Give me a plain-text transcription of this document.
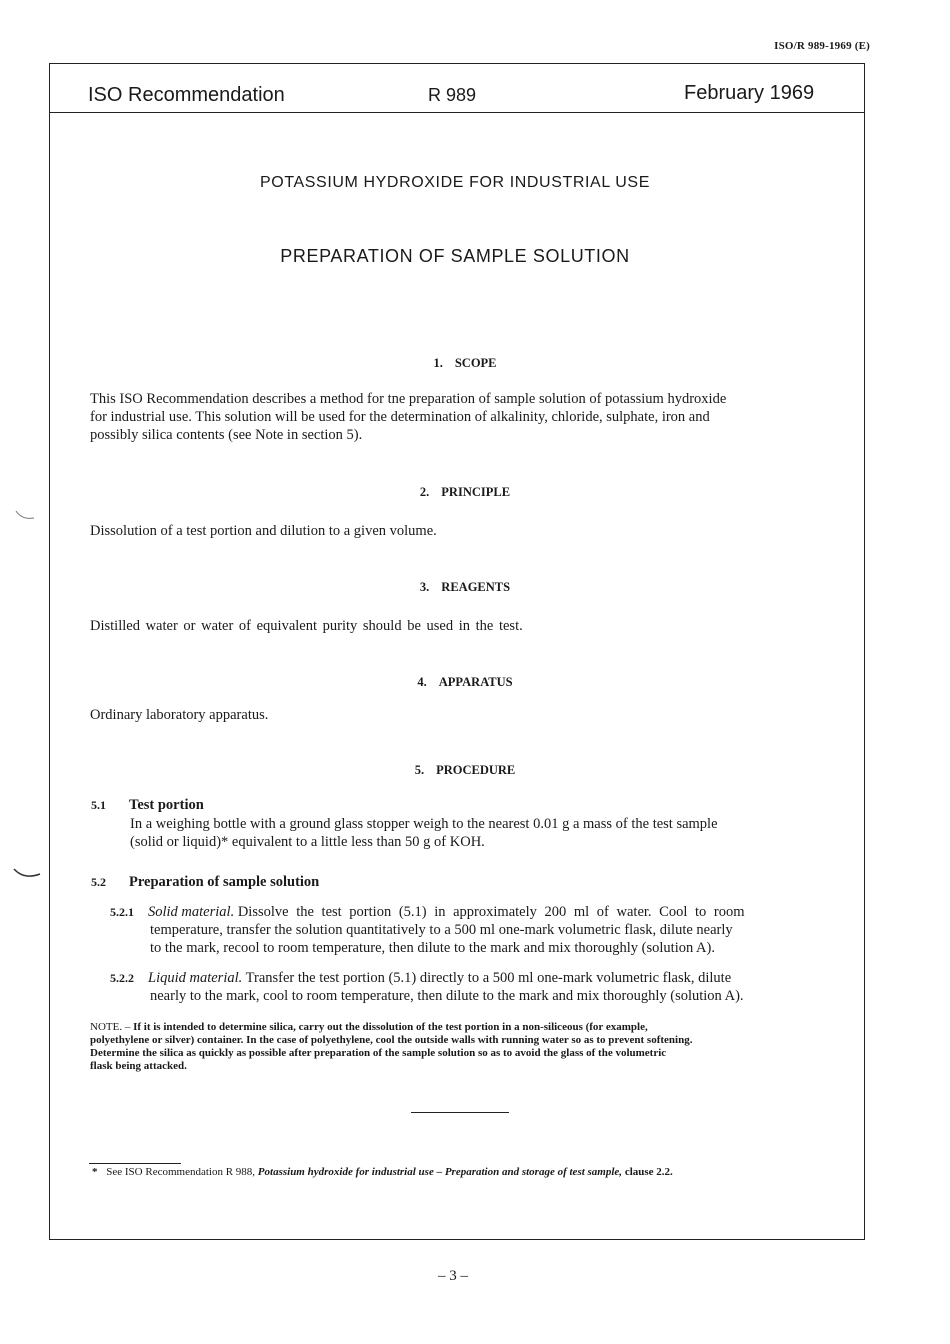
ISO/R 989-1969 (E)
ISO Recommendation	R 989	February 1969
POTASSIUM HYDROXIDE FOR INDUSTRIAL USE
PREPARATION OF SAMPLE SOLUTION
1. SCOPE
This ISO Recommendation describes a method for tne preparation of sample solution of potassium hydroxide
for industrial use. This solution will be used for the determination of alkalinity, chloride, sulphate, iron and
possibly silica contents (see Note in section 5).
2. PRINCIPLE
Dissolution of a test portion and dilution to a given volume.
3. REAGENTS
Distilled water or water of equivalent purity should be used in the test.
4. APPARATUS
Ordinary laboratory apparatus.
5. PROCEDURE
5.1 Test portion
In a weighing bottle with a ground glass stopper weigh to the nearest 0.01 g a mass of the test sample
(solid or liquid)* equivalent to a little less than 50 g of KOH.
5.2 Preparation of sample solution
5.2.1 Solid material. Dissolve the test portion (5.1) in approximately 200 ml of water. Cool to room
temperature, transfer the solution quantitatively to a 500 ml one-mark volumetric flask, dilute nearly
to the mark, recool to room temperature, then dilute to the mark and mix thoroughly (solution A).
5.2.2 Liquid material. Transfer the test portion (5.1) directly to a 500 ml one-mark volumetric flask, dilute
nearly to the mark, cool to room temperature, then dilute to the mark and mix thoroughly (solution A).
NOTE. – If it is intended to determine silica, carry out the dissolution of the test portion in a non-siliceous (for example,
polyethylene or silver) container. In the case of polyethylene, cool the outside walls with running water so as to prevent softening.
Determine the silica as quickly as possible after preparation of the sample solution so as to avoid the glass of the volumetric
flask being attacked.
* See ISO Recommendation R 988, Potassium hydroxide for industrial use – Preparation and storage of test sample, clause 2.2.
– 3 –
